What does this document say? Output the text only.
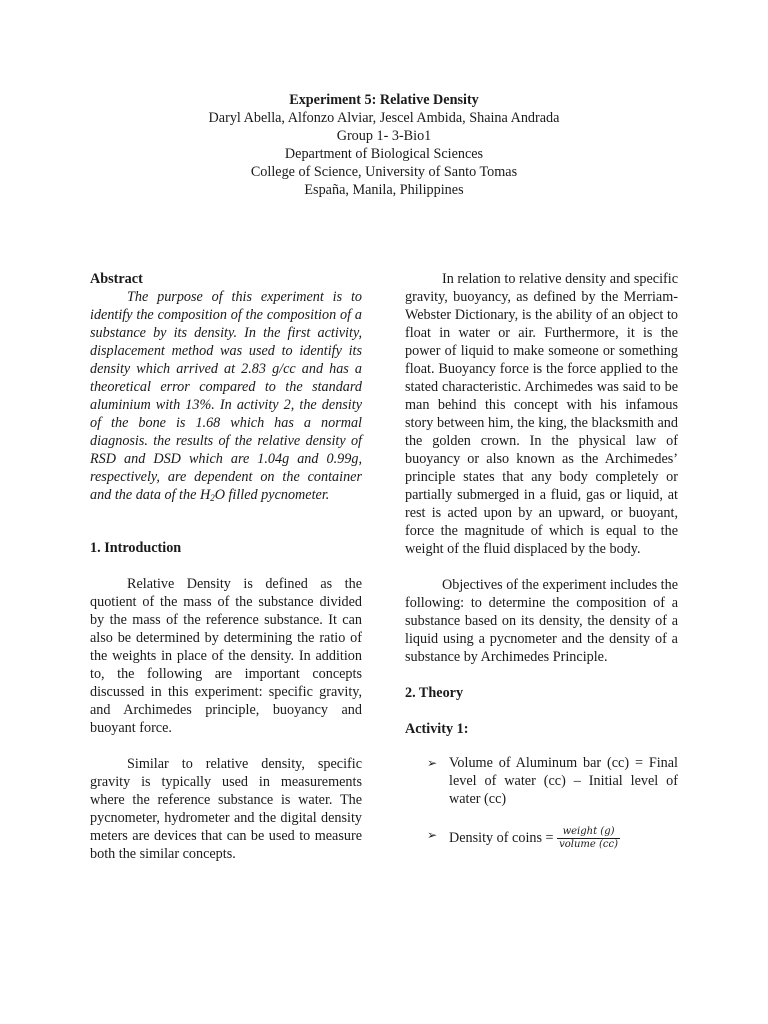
Experiment 5: Relative Density

Daryl Abella, Alfonzo Alviar, Jescel Ambida, Shaina Andrada

Group 1- 3-Bio1

Department of Biological Sciences

College of Science, University of Santo Tomas

España, Manila, Philippines

Abstract

The purpose of this experiment is to identify the composition of the composition of a substance by its density. In the first activity, displacement method was used to identify its density which arrived at 2.83 g/cc and has a theoretical error compared to the standard aluminium with 13%. In activity 2, the density of the bone is 1.68 which has a normal diagnosis. the results of the relative density of RSD and DSD which are 1.04g and 0.99g, respectively, are dependent on the container and the data of the $H_2O$ filled pycnometer.

1. Introduction

Relative Density is defined as the quotient of the mass of the substance divided by the mass of the reference substance. It can also be determined by determining the ratio of the weights in place of the density. In addition to, the following are important concepts discussed in this experiment: specific gravity, and Archimedes principle, buoyancy and buoyant force.

Similar to relative density, specific gravity is typically used in measurements where the reference substance is water. The pycnometer, hydrometer and the digital density meters are devices that can be used to measure both the similar concepts.

In relation to relative density and specific gravity, buoyancy, as defined by the Merriam- Webster Dictionary, is the ability of an object to float in water or air. Furthermore, it is the power of liquid to make someone or something float. Buoyancy force is the force applied to the stated characteristic. Archimedes was said to be man behind this concept with his infamous story between him, the king, the blacksmith and the golden crown. In the physical law of buoyancy or also known as the Archimedes’ principle states that any body completely or partially submerged in a fluid, gas or liquid, at rest is acted upon by an upward, or buoyant, force the magnitude of which is equal to the weight of the fluid displaced by the body.

Objectives of the experiment includes the following: to determine the composition of a substance based on its density, the density of a liquid using a pycnometer and the density of a substance by Archimedes Principle.

2. Theory

Activity 1:

➢ Volume of Aluminum bar (cc) = Final level of water (cc) – Initial level of water (cc)
➢ Density of coins = $\frac{\text{weight (g)}}{\text{volume (cc)}}$
